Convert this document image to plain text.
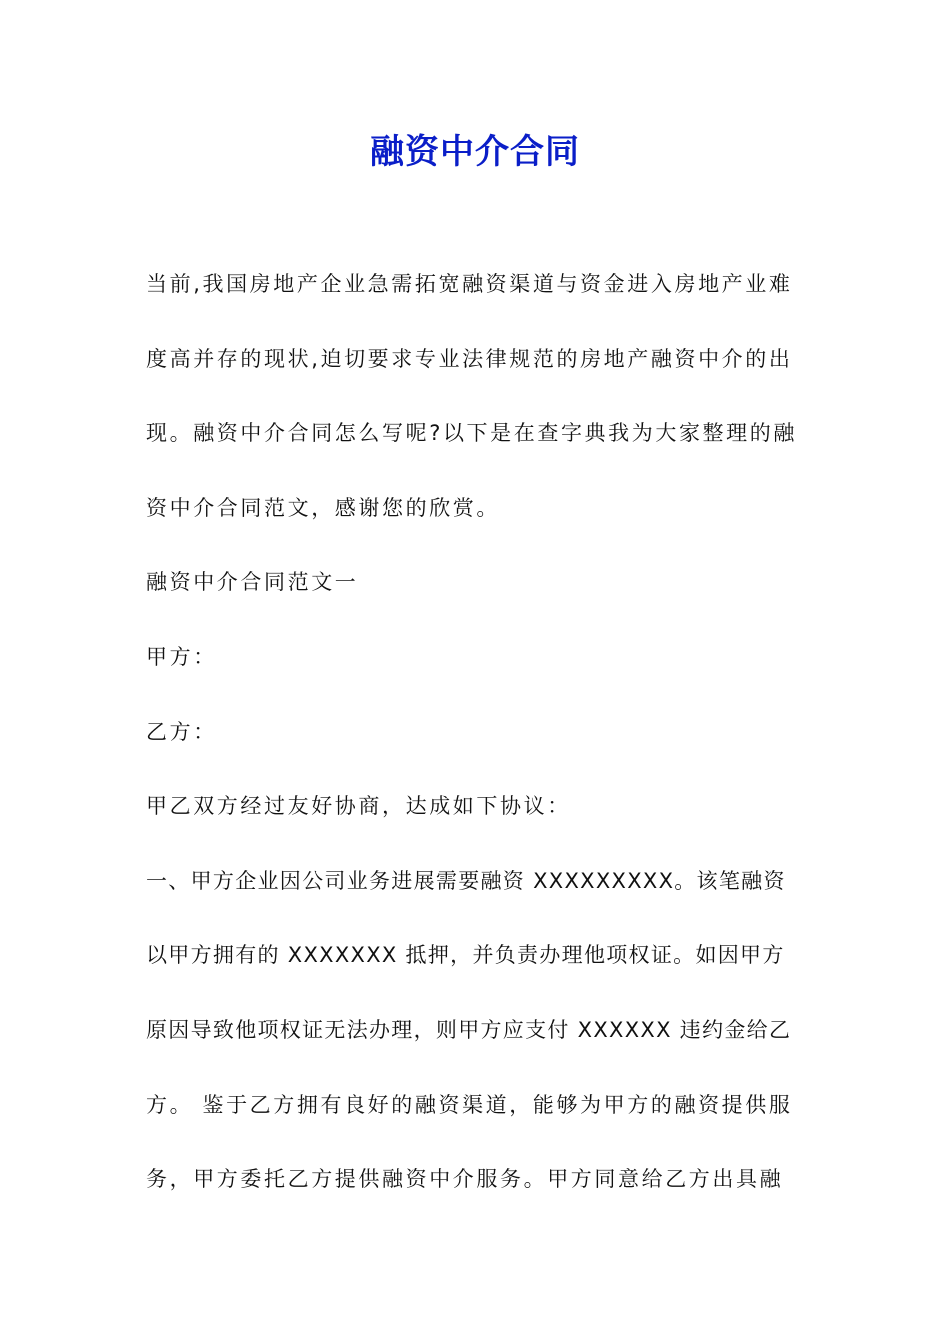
融资中介合同
当前,我国房地产企业急需拓宽融资渠道与资金进入房地产业难
度高并存的现状,迫切要求专业法律规范的房地产融资中介的出
现。融资中介合同怎么写呢?以下是在查字典我为大家整理的融
资中介合同范文，感谢您的欣赏。
融资中介合同范文一
甲方：
乙方：
甲乙双方经过友好协商，达成如下协议：
一、甲方企业因公司业务进展需要融资 XXXXXXXXX。该笔融资
以甲方拥有的 XXXXXXX 抵押，并负责办理他项权证。如因甲方
原因导致他项权证无法办理，则甲方应支付 XXXXXX 违约金给乙
方。 鉴于乙方拥有良好的融资渠道，能够为甲方的融资提供服
务，甲方委托乙方提供融资中介服务。甲方同意给乙方出具融
